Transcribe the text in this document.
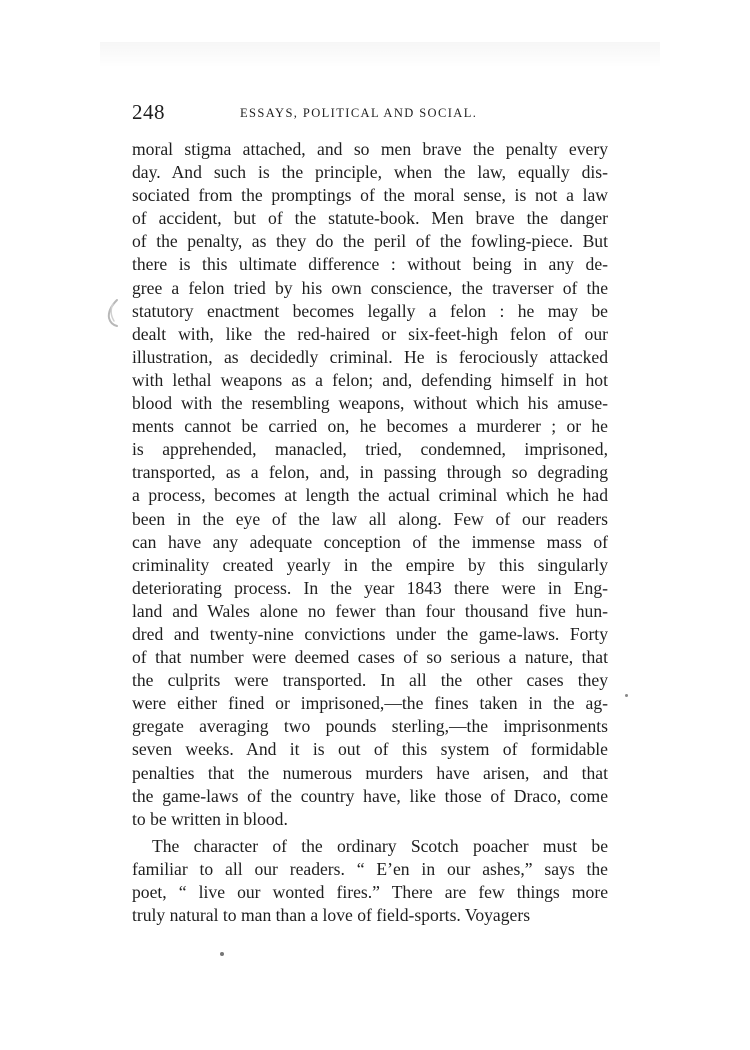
248	ESSAYS, POLITICAL AND SOCIAL.
moral stigma attached, and so men brave the penalty every
day. And such is the principle, when the law, equally dis-
sociated from the promptings of the moral sense, is not a law
of accident, but of the statute-book. Men brave the danger
of the penalty, as they do the peril of the fowling-piece. But
there is this ultimate difference : without being in any de-
gree a felon tried by his own conscience, the traverser of the
statutory enactment becomes legally a felon : he may be
dealt with, like the red-haired or six-feet-high felon of our
illustration, as decidedly criminal. He is ferociously attacked
with lethal weapons as a felon; and, defending himself in hot
blood with the resembling weapons, without which his amuse-
ments cannot be carried on, he becomes a murderer ; or he
is apprehended, manacled, tried, condemned, imprisoned,
transported, as a felon, and, in passing through so degrading
a process, becomes at length the actual criminal which he had
been in the eye of the law all along. Few of our readers
can have any adequate conception of the immense mass of
criminality created yearly in the empire by this singularly
deteriorating process. In the year 1843 there were in Eng-
land and Wales alone no fewer than four thousand five hun-
dred and twenty-nine convictions under the game-laws. Forty
of that number were deemed cases of so serious a nature, that
the culprits were transported. In all the other cases they
were either fined or imprisoned,—the fines taken in the ag-
gregate averaging two pounds sterling,—the imprisonments
seven weeks. And it is out of this system of formidable
penalties that the numerous murders have arisen, and that
the game-laws of the country have, like those of Draco, come
to be written in blood.
The character of the ordinary Scotch poacher must be
familiar to all our readers. “ E’en in our ashes,” says the
poet, “ live our wonted fires.” There are few things more
truly natural to man than a love of field-sports. Voyagers
